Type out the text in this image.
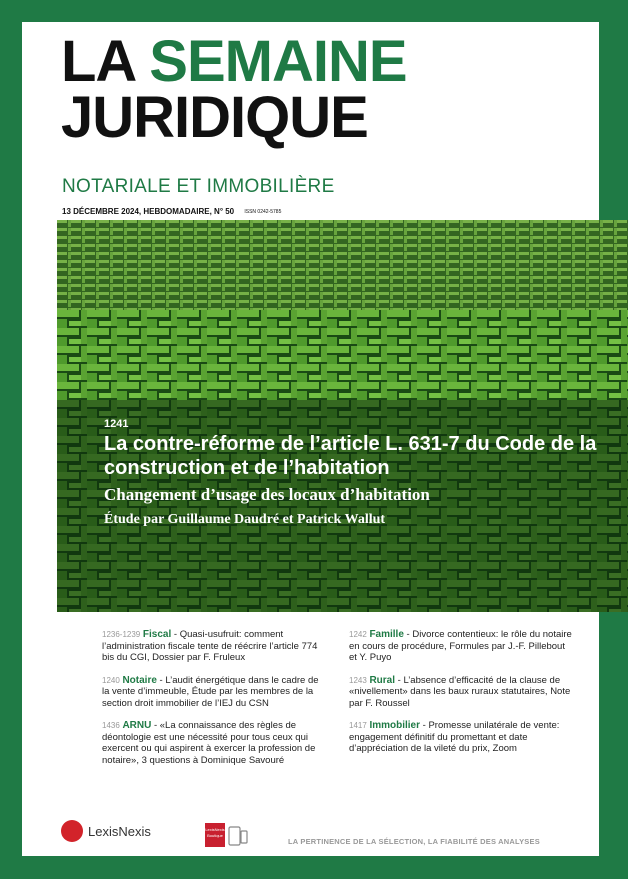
LA SEMAINE
JURIDIQUE
NOTARIALE ET IMMOBILIÈRE
13 DÉCEMBRE 2024, HEBDOMADAIRE, N° 50 ISSN 0242-5785
1241
La contre-réforme de l’article L. 631-7 du Code de la construction et de l’habitation
Changement d’usage des locaux d’habitation
Étude par Guillaume Daudré et Patrick Wallut
1236-1239 Fiscal - Quasi-usufruit: comment l’administration fiscale tente de réécrire l’article 774 bis du CGI, Dossier par F. Fruleux
1240 Notaire - L’audit énergétique dans le cadre de la vente d’immeuble, Étude par les membres de la section droit immobilier de l’IEJ du CSN
1436 ARNU - «La connaissance des règles de déontologie est une nécessité pour tous ceux qui exercent ou qui aspirent à exercer la profession de notaire», 3 questions à Dominique Savouré
1242 Famille - Divorce contentieux: le rôle du notaire en cours de procédure, Formules par J.-F. Pillebout et Y. Puyo
1243 Rural - L’absence d’efficacité de la clause de «nivellement» dans les baux ruraux statutaires, Note par F. Roussel
1417 Immobilier - Promesse unilatérale de vente: engagement définitif du promettant et date d’appréciation de la vileté du prix, Zoom
LexisNexis	LexisNexis Boutique
LA PERTINENCE DE LA SÉLECTION, LA FIABILITÉ DES ANALYSES
